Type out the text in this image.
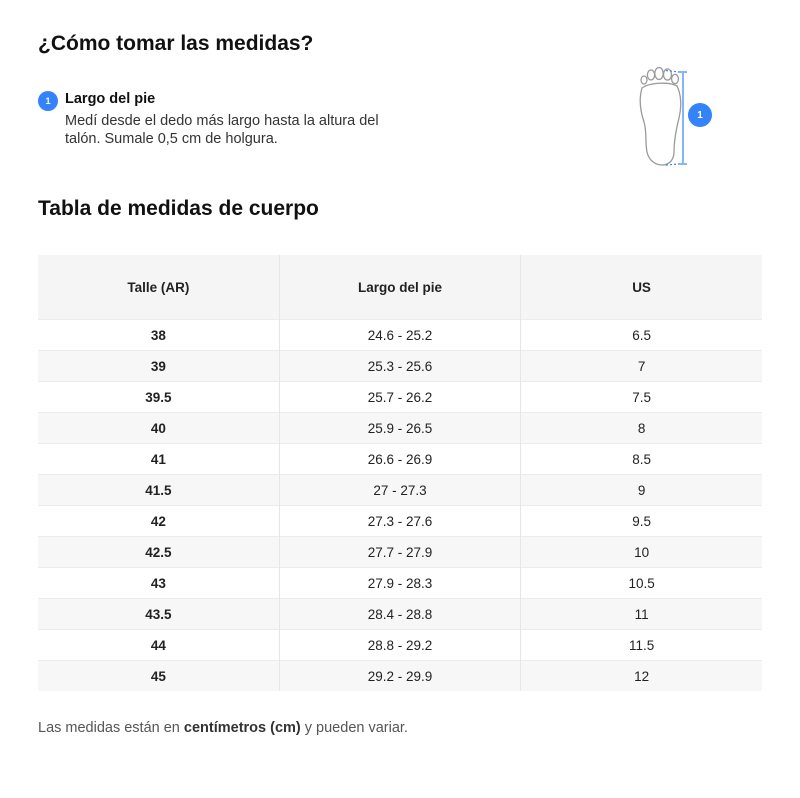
¿Cómo tomar las medidas?
1	Largo del pie
Medí desde el dedo más largo hasta la altura del talón. Sumale 0,5 cm de holgura.
1
Tabla de medidas de cuerpo
Talle (AR)	Largo del pie	US
38	24.6 - 25.2	6.5
39	25.3 - 25.6	7
39.5	25.7 - 26.2	7.5
40	25.9 - 26.5	8
41	26.6 - 26.9	8.5
41.5	27 - 27.3	9
42	27.3 - 27.6	9.5
42.5	27.7 - 27.9	10
43	27.9 - 28.3	10.5
43.5	28.4 - 28.8	11
44	28.8 - 29.2	11.5
45	29.2 - 29.9	12
Las medidas están en centímetros (cm) y pueden variar.
